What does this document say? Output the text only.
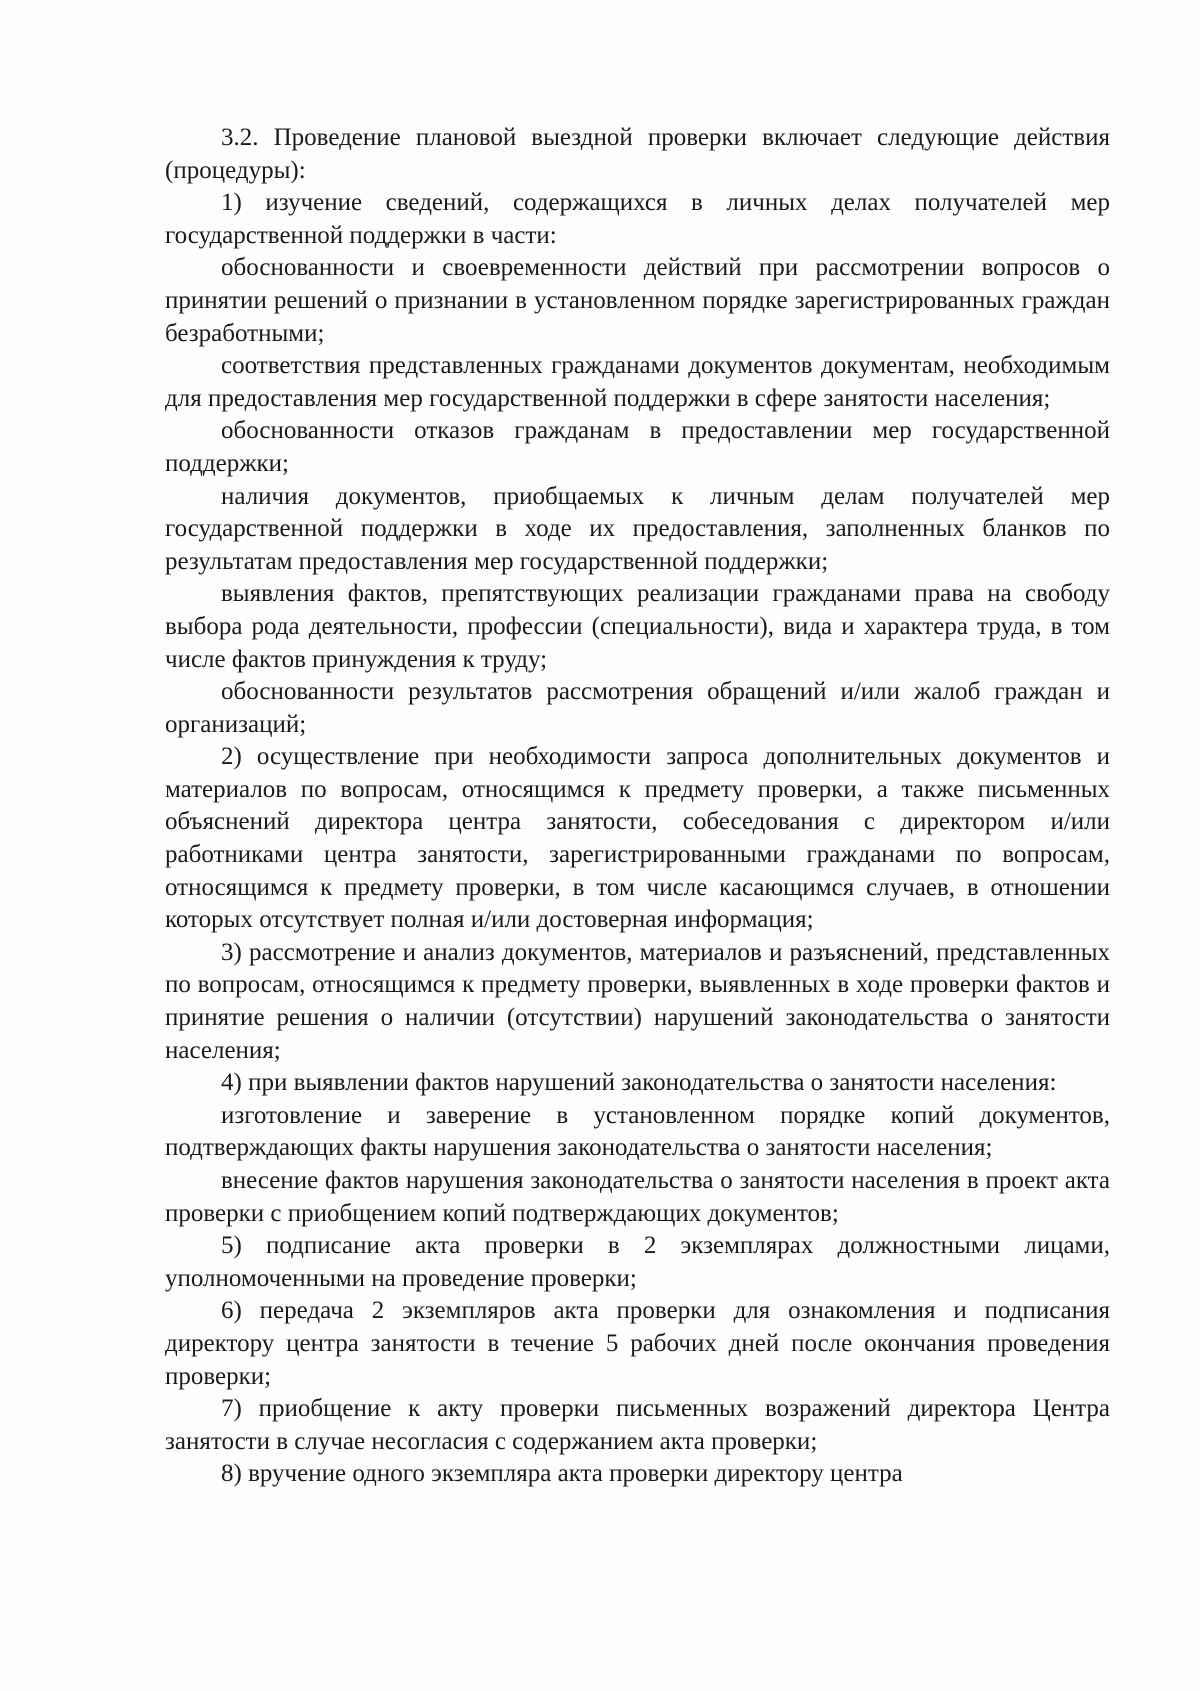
3.2. Проведение плановой выездной проверки включает следующие действия (процедуры):

1) изучение сведений, содержащихся в личных делах получателей мер государственной поддержки в части:

обоснованности и своевременности действий при рассмотрении вопросов о принятии решений о признании в установленном порядке зарегистрированных граждан безработными;

соответствия представленных гражданами документов документам, необходимым для предоставления мер государственной поддержки в сфере занятости населения;

обоснованности отказов гражданам в предоставлении мер государственной поддержки;

наличия документов, приобщаемых к личным делам получателей мер государственной поддержки в ходе их предоставления, заполненных бланков по результатам предоставления мер государственной поддержки;

выявления фактов, препятствующих реализации гражданами права на свободу выбора рода деятельности, профессии (специальности), вида и характера труда, в том числе фактов принуждения к труду;

обоснованности результатов рассмотрения обращений и/или жалоб граждан и организаций;

2) осуществление при необходимости запроса дополнительных документов и материалов по вопросам, относящимся к предмету проверки, а также письменных объяснений директора центра занятости, собеседования с директором и/или работниками центра занятости, зарегистрированными гражданами по вопросам, относящимся к предмету проверки, в том числе касающимся случаев, в отношении которых отсутствует полная и/или достоверная информация;

3) рассмотрение и анализ документов, материалов и разъяснений, представленных по вопросам, относящимся к предмету проверки, выявленных в ходе проверки фактов и принятие решения о наличии (отсутствии) нарушений законодательства о занятости населения;

4) при выявлении фактов нарушений законодательства о занятости населения:

изготовление и заверение в установленном порядке копий документов, подтверждающих факты нарушения законодательства о занятости населения;

внесение фактов нарушения законодательства о занятости населения в проект акта проверки с приобщением копий подтверждающих документов;

5) подписание акта проверки в 2 экземплярах должностными лицами, уполномоченными на проведение проверки;

6) передача 2 экземпляров акта проверки для ознакомления и подписания директору центра занятости в течение 5 рабочих дней после окончания проведения проверки;

7) приобщение к акту проверки письменных возражений директора Центра занятости в случае несогласия с содержанием акта проверки;

8) вручение одного экземпляра акта проверки директору центра
